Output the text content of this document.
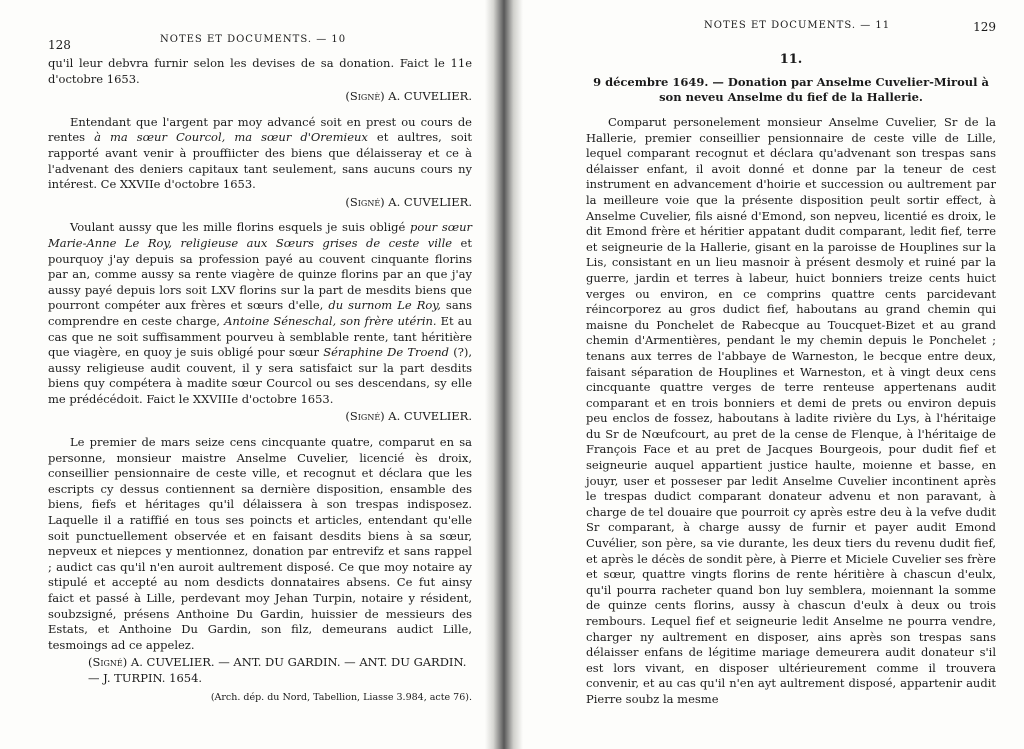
128	NOTES ET DOCUMENTS. — 10

qu'il leur debvra furnir selon les devises de sa donation. Faict le 11e d'octobre 1653.

(Signè) A. CUVELIER.

Entendant que l'argent par moy advancé soit en prest ou cours de rentes à ma sœur Courcol, ma sœur d'Oremieux et aultres, soit rapporté avant venir à prouffiicter des biens que délaisseray et ce à l'advenant des deniers capitaux tant seulement, sans aucuns cours ny intérest. Ce XXVIIe d'octobre 1653.

(Signé) A. CUVELIER.

Voulant aussy que les mille florins esquels je suis obligé pour sœur Marie-Anne Le Roy, religieuse aux Sœurs grises de ceste ville et pourquoy j'ay depuis sa profession payé au couvent cinquante florins par an, comme aussy sa rente viagère de quinze florins par an que j'ay aussy payé depuis lors soit LXV florins sur la part de mesdits biens que pourront compéter aux frères et sœurs d'elle, du surnom Le Roy, sans comprendre en ceste charge, Antoine Séneschal, son frère utérin. Et au cas que ne soit suffisamment pourveu à semblable rente, tant héritière que viagère, en quoy je suis obligé pour sœur Séraphine De Troend (?), aussy religieuse audit couvent, il y sera satisfaict sur la part desdits biens quy compétera à madite sœur Courcol ou ses descendans, sy elle me prédécédoit. Faict le XXVIIIe d'octobre 1653.

(Signé) A. CUVELIER.

Le premier de mars seize cens cincquante quatre, comparut en sa personne, monsieur maistre Anselme Cuvelier, licencié ès droix, conseillier pensionnaire de ceste ville, et recognut et déclara que les escripts cy dessus contiennent sa dernière disposition, ensamble des biens, fiefs et héritages qu'il délaissera à son trespas indisposez. Laquelle il a ratiffié en tous ses poincts et articles, entendant qu'elle soit punctuellement observée et en faisant desdits biens à sa sœur, nepveux et niepces y mentionnez, donation par entrevifz et sans rappel ; audict cas qu'il n'en auroit aultrement disposé. Ce que moy notaire ay stipulé et accepté au nom desdicts donnataires absens. Ce fut ainsy faict et passé à Lille, perdevant moy Jehan Turpin, notaire y résident, soubzsigné, présens Anthoine Du Gardin, huissier de messieurs des Estats, et Anthoine Du Gardin, son filz, demeurans audict Lille, tesmoings ad ce appelez.

(Signé) A. CUVELIER. — ANT. DU GARDIN. — ANT. DU GARDIN. — J. TURPIN. 1654.

(Arch. dép. du Nord, Tabellion, Liasse 3.984, acte 76).

NOTES ET DOCUMENTS. — 11	129
11.
9 décembre 1649. — Donation par Anselme Cuvelier-Miroul à son neveu Anselme du fief de la Hallerie.

Comparut personelement monsieur Anselme Cuvelier, Sr de la Hallerie, premier conseillier pensionnaire de ceste ville de Lille, lequel comparant recognut et déclara qu'advenant son trespas sans délaisser enfant, il avoit donné et donne par la teneur de cest instrument en advancement d'hoirie et succession ou aultrement par la meilleure voie que la présente disposition peult sortir effect, à Anselme Cuvelier, fils aisné d'Emond, son nepveu, licentié es droix, le dit Emond frère et héritier appatant dudit comparant, ledit fief, terre et seigneurie de la Hallerie, gisant en la paroisse de Houplines sur la Lis, consistant en un lieu masnoir à présent desmoly et ruiné par la guerre, jardin et terres à labeur, huict bonniers treize cents huict verges ou environ, en ce comprins quattre cents parcidevant réincorporez au gros dudict fief, haboutans au grand chemin qui maisne du Ponchelet de Rabecque au Toucquet-Bizet et au grand chemin d'Armentières, pendant le my chemin depuis le Ponchelet ; tenans aux terres de l'abbaye de Warneston, le becque entre deux, faisant séparation de Houplines et Warneston, et à vingt deux cens cincquante quattre verges de terre renteuse appertenans audit comparant et en trois bonniers et demi de prets ou environ depuis peu enclos de fossez, haboutans à ladite rivière du Lys, à l'héritaige du Sr de Nœufcourt, au pret de la cense de Flenque, à l'héritaige de François Face et au pret de Jacques Bourgeois, pour dudit fief et seigneurie auquel appartient justice haulte, moienne et basse, en jouyr, user et posseser par ledit Anselme Cuvelier incontinent après le trespas dudict comparant donateur advenu et non paravant, à charge de tel douaire que pourroit cy après estre deu à la vefve dudit Sr comparant, à charge aussy de furnir et payer audit Emond Cuvélier, son père, sa vie durante, les deux tiers du revenu dudit fief, et après le décès de sondit père, à Pierre et Miciele Cuvelier ses frère et sœur, quattre vingts florins de rente héritière à chascun d'eulx, qu'il pourra racheter quand bon luy semblera, moiennant la somme de quinze cents florins, aussy à chascun d'eulx à deux ou trois rembours. Lequel fief et seigneurie ledit Anselme ne pourra vendre, charger ny aultrement en disposer, ains après son trespas sans délaisser enfans de légitime mariage demeurera audit donateur s'il est lors vivant, en disposer ultérieurement comme il trouvera convenir, et au cas qu'il n'en ayt aultrement disposé, appartenir audit Pierre soubz la mesme
